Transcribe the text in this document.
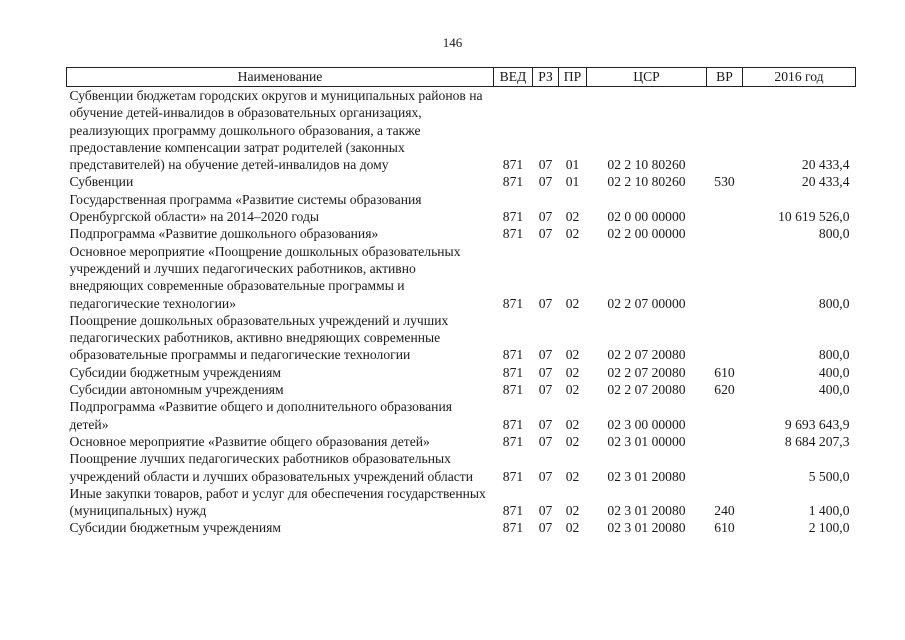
146
Наименование	ВЕД	РЗ	ПР	ЦСР	ВР	2016 год
Субвенции бюджетам городских округов и муниципальных районов на обучение детей-инвалидов в образовательных организациях, реализующих программу дошкольного образования, а также предоставление компенсации затрат родителей (законных представителей) на обучение детей-инвалидов на дому	871	07	01	02 2 10 80260		20 433,4
Субвенции	871	07	01	02 2 10 80260	530	20 433,4
Государственная программа «Развитие системы образования Оренбургской области» на 2014–2020 годы	871	07	02	02 0 00 00000		10 619 526,0
Подпрограмма «Развитие дошкольного образования»	871	07	02	02 2 00 00000		800,0
Основное мероприятие «Поощрение дошкольных образовательных учреждений и лучших педагогических работников, активно внедряющих современные образовательные программы и педагогические технологии»	871	07	02	02 2 07 00000		800,0
Поощрение дошкольных образовательных учреждений и лучших педагогических работников, активно внедряющих современные образовательные программы и педагогические технологии	871	07	02	02 2 07 20080		800,0
Субсидии бюджетным учреждениям	871	07	02	02 2 07 20080	610	400,0
Субсидии автономным учреждениям	871	07	02	02 2 07 20080	620	400,0
Подпрограмма «Развитие общего и дополнительного образования детей»	871	07	02	02 3 00 00000		9 693 643,9
Основное мероприятие «Развитие общего образования детей»	871	07	02	02 3 01 00000		8 684 207,3
Поощрение лучших педагогических работников образовательных учреждений области и лучших образовательных учреждений области	871	07	02	02 3 01 20080		5 500,0
Иные закупки товаров, работ и услуг для обеспечения государственных (муниципальных) нужд	871	07	02	02 3 01 20080	240	1 400,0
Субсидии бюджетным учреждениям	871	07	02	02 3 01 20080	610	2 100,0
